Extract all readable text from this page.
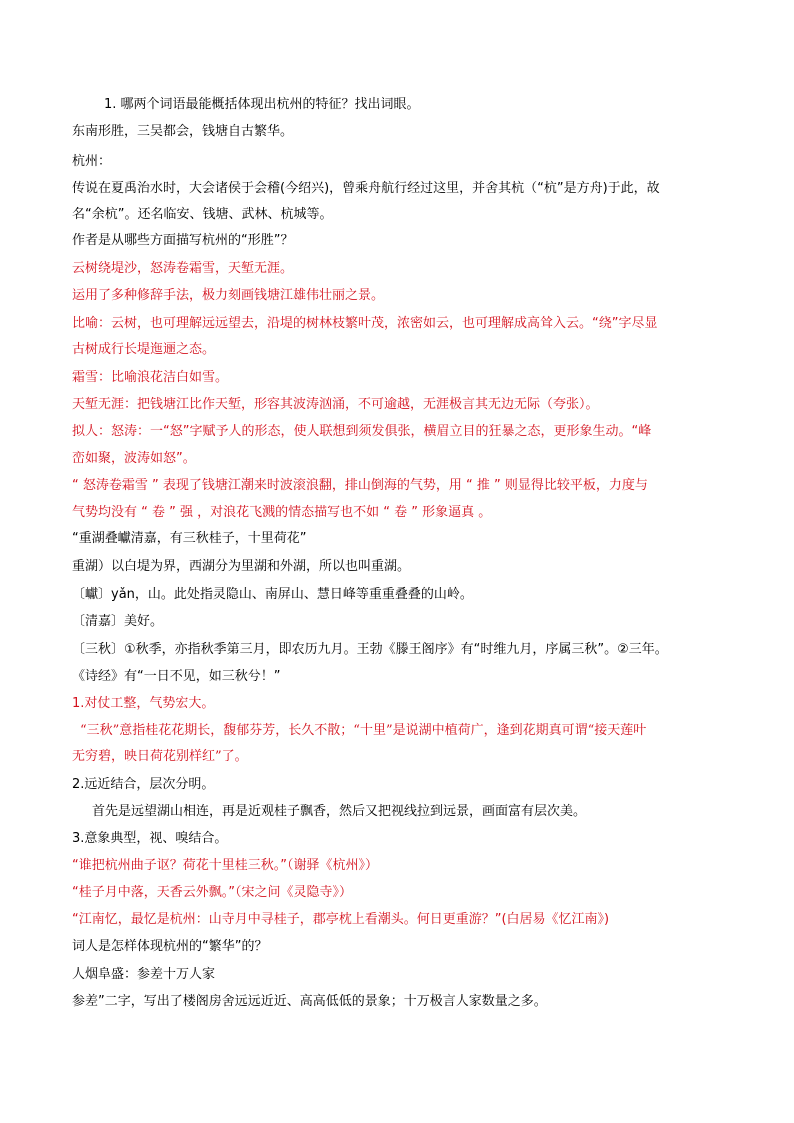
1. 哪两个词语最能概括体现出杭州的特征？找出词眼。
东南形胜，三吴都会，钱塘自古繁华。
杭州：
传说在夏禹治水时，大会诸侯于会稽(今绍兴)，曾乘舟航行经过这里，并舍其杭（“杭”是方舟)于此，故
名“余杭”。还名临安、钱塘、武林、杭城等。
作者是从哪些方面描写杭州的“形胜”？
云树绕堤沙，怒涛卷霜雪，天堑无涯。
运用了多种修辞手法，极力刻画钱塘江雄伟壮丽之景。
比喻：云树，也可理解远远望去，沿堤的树林枝繁叶茂，浓密如云，也可理解成高耸入云。“绕”字尽显
古树成行长堤迤逦之态。
霜雪：比喻浪花洁白如雪。
天堑无涯：把钱塘江比作天堑，形容其波涛汹涌，不可逾越，无涯极言其无边无际（夸张）。
拟人：怒涛：一“怒”字赋予人的形态，使人联想到须发俱张，横眉立目的狂暴之态，更形象生动。“峰
峦如聚，波涛如怒”。
“ 怒涛卷霜雪 ” 表现了钱塘江潮来时波滚浪翻，排山倒海的气势，用 “ 推 ” 则显得比较平板，力度与
气势均没有 “ 卷 ” 强 ，对浪花飞溅的情态描写也不如 “ 卷 ” 形象逼真 。
“重湖叠巘清嘉，有三秋桂子，十里荷花”
重湖）以白堤为界，西湖分为里湖和外湖，所以也叫重湖。
〔巘〕yǎn，山。此处指灵隐山、南屏山、慧日峰等重重叠叠的山岭。
〔清嘉〕美好。
〔三秋〕①秋季，亦指秋季第三月，即农历九月。王勃《滕王阁序》有“时维九月，序属三秋”。②三年。
《诗经》有“一日不见，如三秋兮！”
1.对仗工整，气势宏大。
“三秋”意指桂花花期长，馥郁芬芳，长久不散；“十里”是说湖中植荷广，逢到花期真可谓“接天莲叶
无穷碧，映日荷花别样红”了。
2.远近结合，层次分明。
首先是远望湖山相连，再是近观桂子飘香，然后又把视线拉到远景，画面富有层次美。
3.意象典型，视、嗅结合。
“谁把杭州曲子讴？荷花十里桂三秋。”（谢驿《杭州》）
“桂子月中落，天香云外飘。”（宋之问《灵隐寺》）
“江南忆，最忆是杭州：山寺月中寻桂子，郡亭枕上看潮头。何日更重游？”(白居易《忆江南》)
词人是怎样体现杭州的“繁华”的？
人烟阜盛：参差十万人家
参差”二字，写出了楼阁房舍远远近近、高高低低的景象；十万极言人家数量之多。
